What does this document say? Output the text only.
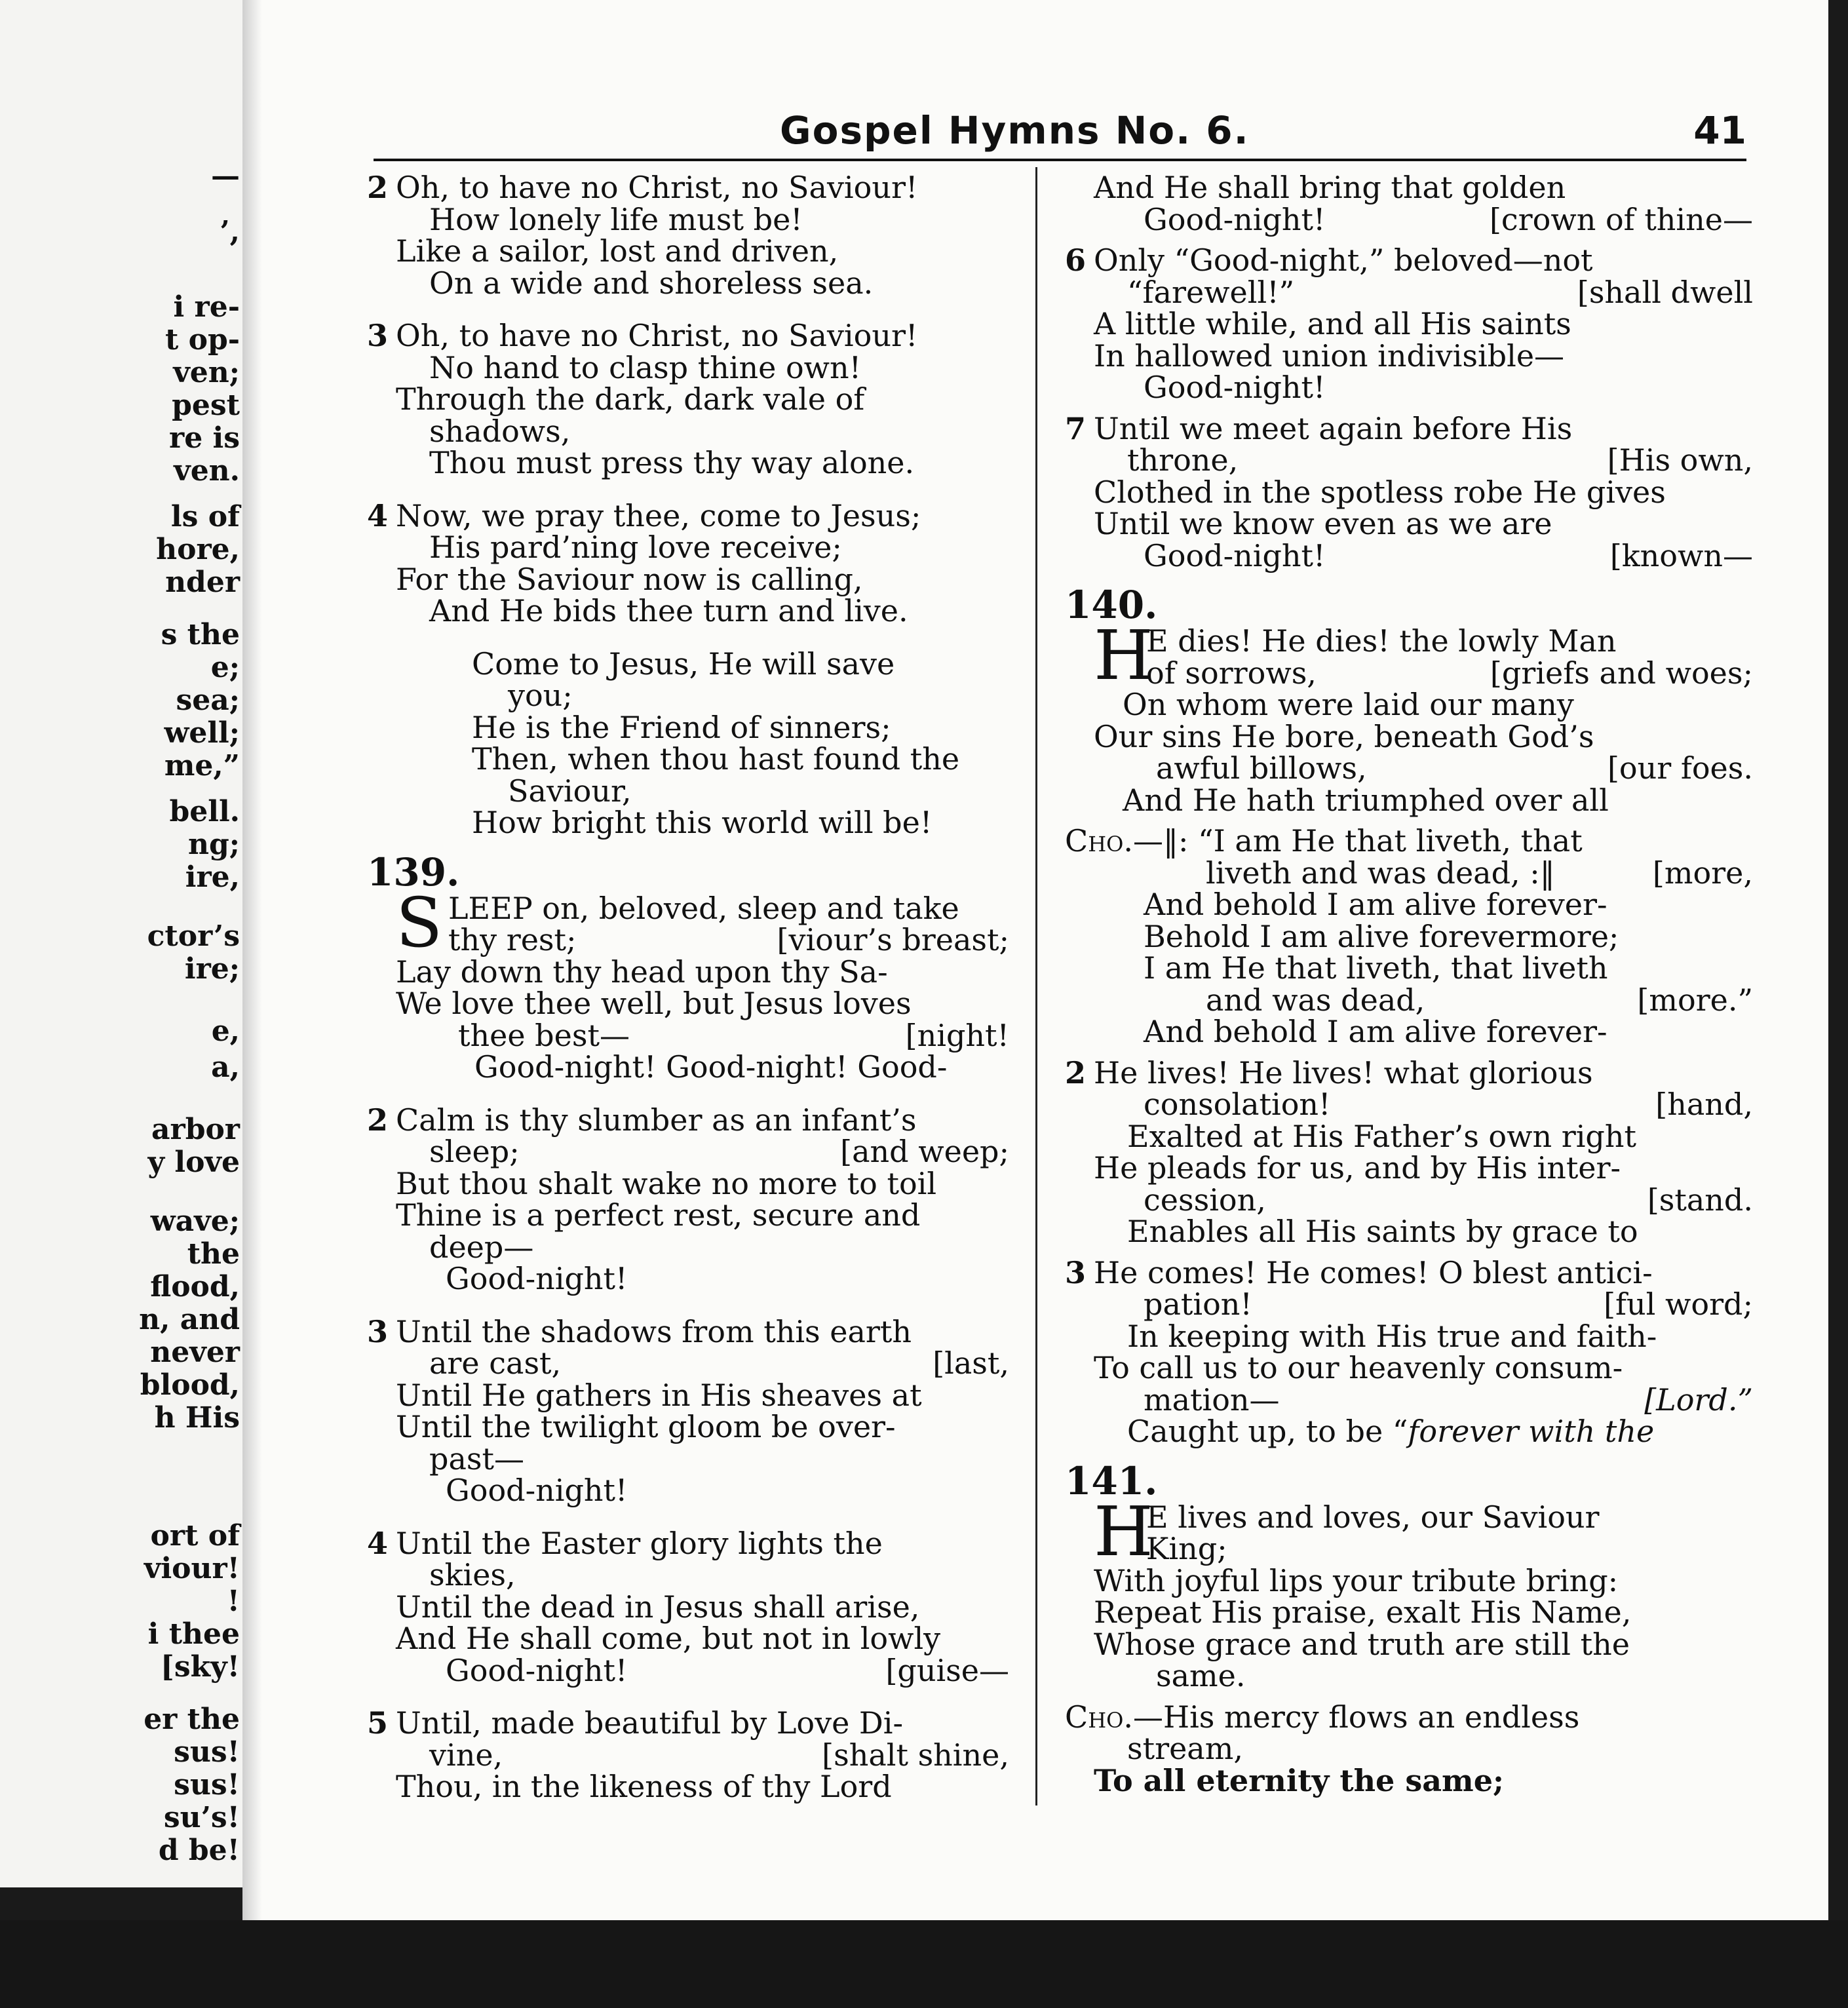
—
’,
i re-
t op-
ven;
pest
re is
ven.
ls of
hore,
nder
s the
e;
sea;
well;
me,”
bell.
ng;
ire,
ctor’s
ire;
e,
a,
arbor
y love
wave;
the
flood,
n, and
never
blood,
h His
ort of
viour!
!
i thee
[sky!
er the
sus!
sus!
su’s!
d be!
Gospel Hymns No. 6.	41
2 Oh, to have no Christ, no Saviour!
How lonely life must be!
Like a sailor, lost and driven,
On a wide and shoreless sea.
3 Oh, to have no Christ, no Saviour!
No hand to clasp thine own!
Through the dark, dark vale of
shadows,
Thou must press thy way alone.
4 Now, we pray thee, come to Jesus;
His pard’ning love receive;
For the Saviour now is calling,
And He bids thee turn and live.
Come to Jesus, He will save
you;
He is the Friend of sinners;
Then, when thou hast found the
Saviour,
How bright this world will be!
139.
S LEEP on, beloved, sleep and take
thy rest;	[viour’s breast;
Lay down thy head upon thy Sa-
We love thee well, but Jesus loves
thee best—	[night!
Good-night! Good-night! Good-
2 Calm is thy slumber as an infant’s
sleep;	[and weep;
But thou shalt wake no more to toil
Thine is a perfect rest, secure and
deep—
Good-night!
3 Until the shadows from this earth
are cast,	[last,
Until He gathers in His sheaves at
Until the twilight gloom be over-
past—
Good-night!
4 Until the Easter glory lights the
skies,
Until the dead in Jesus shall arise,
And He shall come, but not in lowly
Good-night!	[guise—
5 Until, made beautiful by Love Di-
vine,	[shalt shine,
Thou, in the likeness of thy Lord
And He shall bring that golden
Good-night!	[crown of thine—
6 Only “Good-night,” beloved—not
“farewell!”	[shall dwell
A little while, and all His saints
In hallowed union indivisible—
Good-night!
7 Until we meet again before His
throne,	[His own,
Clothed in the spotless robe He gives
Until we know even as we are
Good-night!	[known—
140.
H
E dies! He dies! the lowly Man
of sorrows,	[griefs and woes;
On whom were laid our many
Our sins He bore, beneath God’s
awful billows,	[our foes.
And He hath triumphed over all
Cho.—‖: “I am He that liveth, that
liveth and was dead, :‖	[more,
And behold I am alive forever-
Behold I am alive forevermore;
I am He that liveth, that liveth
and was dead,	[more.”
And behold I am alive forever-
2 He lives! He lives! what glorious
consolation!	[hand,
Exalted at His Father’s own right
He pleads for us, and by His inter-
cession,	[stand.
Enables all His saints by grace to
3 He comes! He comes! O blest antici-
pation!	[ful word;
In keeping with His true and faith-
To call us to our heavenly consum-
mation—	[Lord.”
Caught up, to be “forever with the
141.
H
E lives and loves, our Saviour
King;
With joyful lips your tribute bring:
Repeat His praise, exalt His Name,
Whose grace and truth are still the
same.
Cho.—His mercy flows an endless
stream,
To all eternity the same;
